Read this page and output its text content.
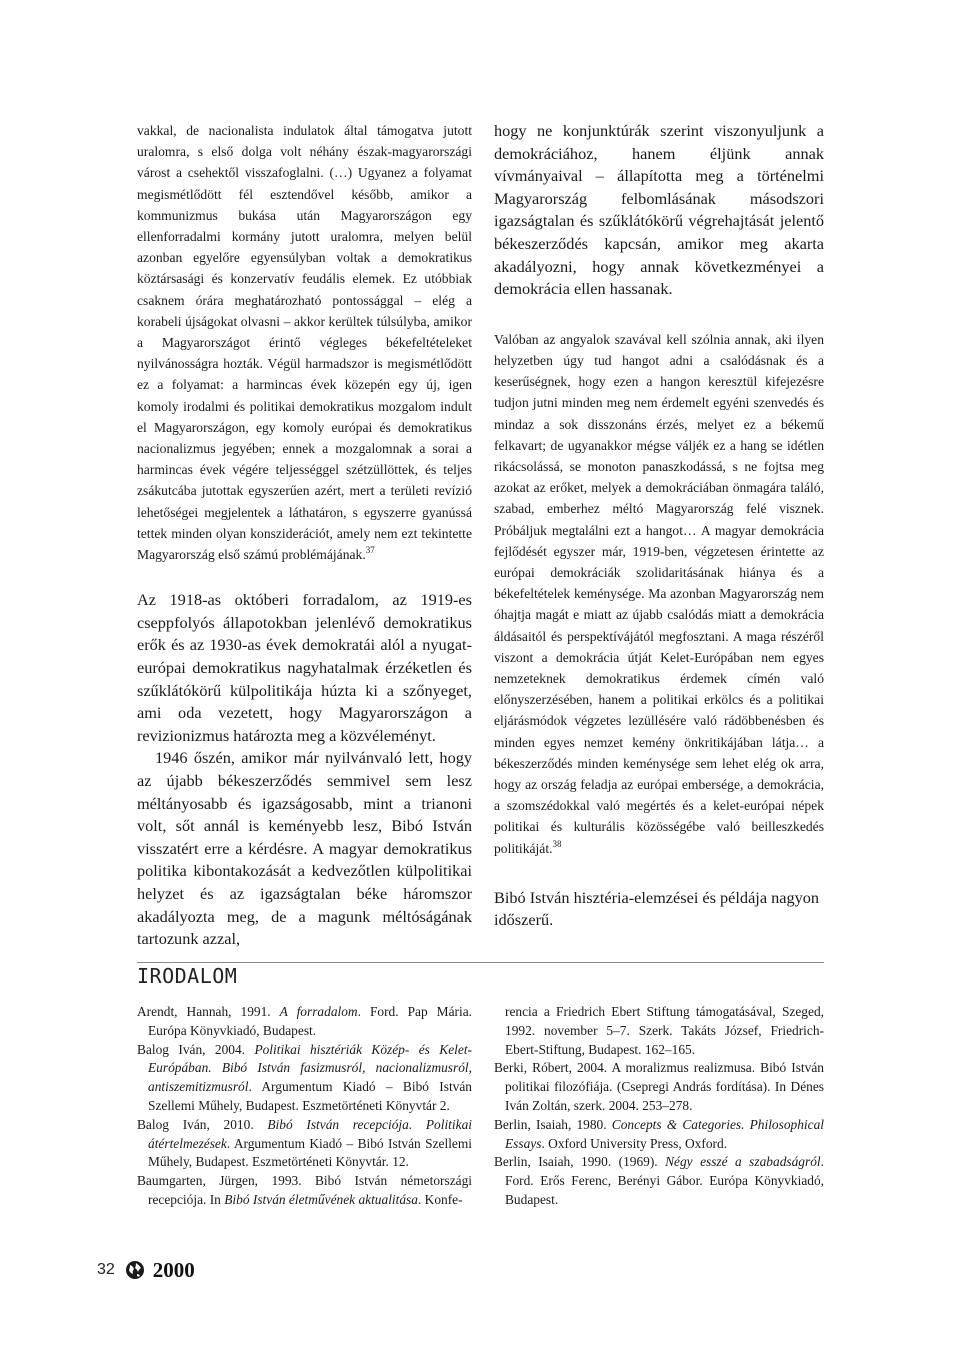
vakkal, de nacionalista indulatok által támogatva jutott uralomra, s első dolga volt néhány észak-magyarországi várost a csehektől visszafoglalni. (…) Ugyanez a folyamat megismétlődött fél esztendővel később, amikor a kommunizmus bukása után Magyarországon egy ellenforradalmi kormány jutott uralomra, melyen belül azonban egyelőre egyensúlyban voltak a demokratikus köztársasági és konzervatív feudális elemek. Ez utóbbiak csaknem órára meghatározható pontossággal – elég a korabeli újságokat olvasni – akkor kerültek túlsúlyba, amikor a Magyarországot érintő végleges békefeltételeket nyilvánosságra hozták. Végül harmadszor is megismétlődött ez a folyamat: a harmincas évek közepén egy új, igen komoly irodalmi és politikai demokratikus mozgalom indult el Magyarországon, egy komoly európai és demokratikus nacionalizmus jegyében; ennek a mozgalomnak a sorai a harmincas évek végére teljességgel szétzüllöttek, és teljes zsákutcába jutottak egyszerűen azért, mert a területi revízió lehetőségei megjelentek a láthatáron, s egyszerre gyanússá tettek minden olyan konsziderációt, amely nem ezt tekintette Magyarország első számú problémájának.$^{37}$

Az 1918-as októberi forradalom, az 1919-es cseppfolyós állapotokban jelenlévő demokratikus erők és az 1930-as évek demokratái alól a nyugat-európai demokratikus nagyhatalmak érzéketlen és szűklátókörű külpolitikája húzta ki a szőnyeget, ami oda vezetett, hogy Magyarországon a revizionizmus határozta meg a közvéleményt.

1946 őszén, amikor már nyilvánvaló lett, hogy az újabb békeszerződés semmivel sem lesz méltányosabb és igazságosabb, mint a trianoni volt, sőt annál is keményebb lesz, Bibó István visszatért erre a kérdésre. A magyar demokratikus politika kibontakozását a kedvezőtlen külpolitikai helyzet és az igazságtalan béke háromszor akadályozta meg, de a magunk méltóságának tartozunk azzal,

hogy ne konjunktúrák szerint viszonyuljunk a demokráciához, hanem éljünk annak vívmányaival – állapította meg a történelmi Magyarország felbomlásának másodszori igazságtalan és szűklátókörű végrehajtását jelentő békeszerződés kapcsán, amikor meg akarta akadályozni, hogy annak következményei a demokrácia ellen hassanak.

Valóban az angyalok szavával kell szólnia annak, aki ilyen helyzetben úgy tud hangot adni a csalódásnak és a keserűségnek, hogy ezen a hangon keresztül kifejezésre tudjon jutni minden meg nem érdemelt egyéni szenvedés és mindaz a sok disszonáns érzés, melyet ez a békemű felkavart; de ugyanakkor mégse váljék ez a hang se idétlen rikácsolássá, se monoton panaszkodássá, s ne fojtsa meg azokat az erőket, melyek a demokráciában önmagára találó, szabad, emberhez méltó Magyarország felé visznek. Próbáljuk megtalálni ezt a hangot… A magyar demokrácia fejlődését egyszer már, 1919-ben, végzetesen érintette az európai demokráciák szolidaritásának hiánya és a békefeltételek keménysége. Ma azonban Magyarország nem óhajtja magát e miatt az újabb csalódás miatt a demokrácia áldásaitól és perspektívájától megfosztani. A maga részéről viszont a demokrácia útját Kelet-Európában nem egyes nemzeteknek demokratikus érdemek címén való előnyszerzésében, hanem a politikai erkölcs és a politikai eljárásmódok végzetes lezüllésére való rádöbbenésben és minden egyes nemzet kemény önkritikájában látja… a békeszerződés minden keménysége sem lehet elég ok arra, hogy az ország feladja az európai embersége, a demokrácia, a szomszédokkal való megértés és a kelet-európai népek politikai és kulturális közösségébe való beilleszkedés politikáját.$^{38}$

Bibó István hisztéria-elemzései és példája nagyon időszerű.

IRODALOM

Arendt, Hannah, 1991. A forradalom. Ford. Pap Mária. Európa Könyvkiadó, Budapest.

Balog Iván, 2004. Politikai hisztériák Közép- és Kelet-Európában. Bibó István fasizmusról, nacionalizmusról, antiszemitizmusról. Argumentum Kiadó – Bibó István Szellemi Műhely, Budapest. Eszmetörténeti Könyvtár 2.

Balog Iván, 2010. Bibó István recepciója. Politikai átértelmezések. Argumentum Kiadó – Bibó István Szellemi Műhely, Budapest. Eszmetörténeti Könyvtár. 12.

Baumgarten, Jürgen, 1993. Bibó István németországi recepciója. In Bibó István életművének aktualitása. Konfe-

rencia a Friedrich Ebert Stiftung támogatásával, Szeged, 1992. november 5–7. Szerk. Takáts József, Friedrich-Ebert-Stiftung, Budapest. 162–165.

Berki, Róbert, 2004. A moralizmus realizmusa. Bibó István politikai filozófiája. (Csepregi András fordítása). In Dénes Iván Zoltán, szerk. 2004. 253–278.

Berlin, Isaiah, 1980. Concepts & Categories. Philosophical Essays. Oxford University Press, Oxford.

Berlin, Isaiah, 1990. (1969). Négy esszé a szabadságról. Ford. Erős Ferenc, Berényi Gábor. Európa Könyvkiadó, Budapest.

32 2000
